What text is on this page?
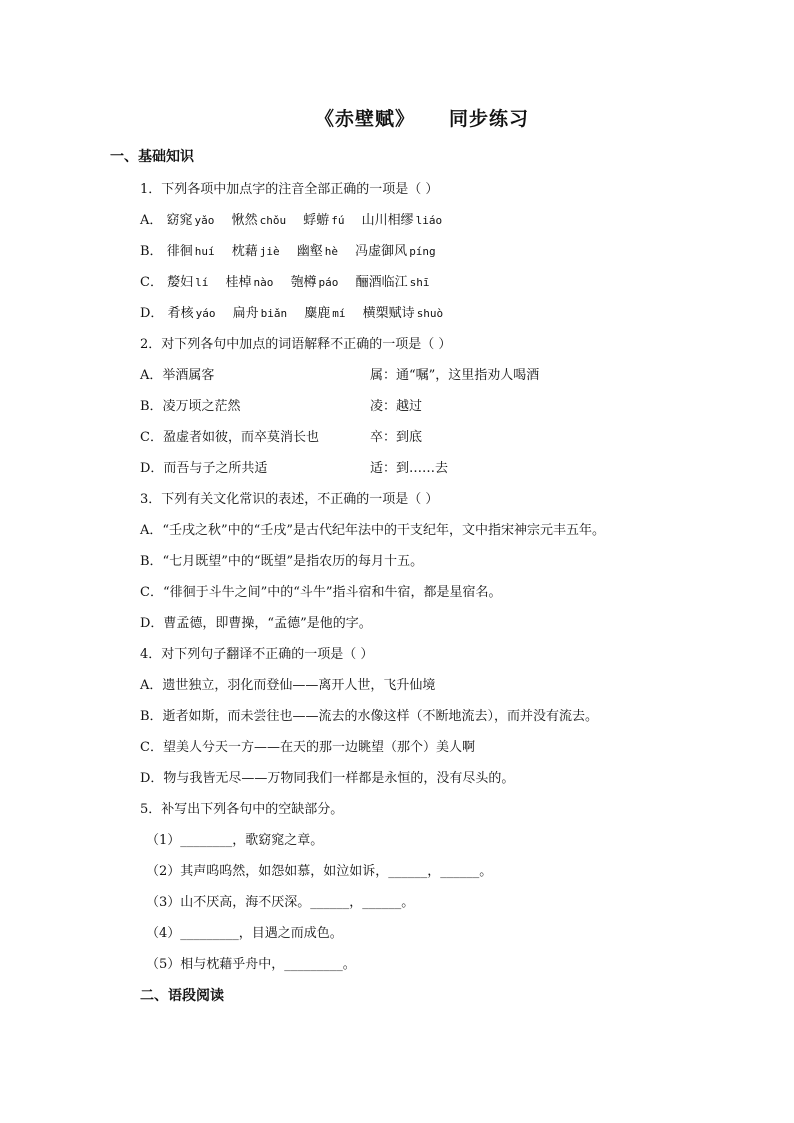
《赤壁赋》 同步练习
一、基础知识
1．下列各项中加点字的注音全部正确的一项是（ ）
A． 窈窕 yǎo 愀然 chǒu 蜉蝣 fú 山川相缪 liáo
B． 徘徊 huí 枕藉 jiè 幽壑 hè 冯虚御风 píng
C． 嫠妇 lí 桂棹 nào 匏樽 páo 酾酒临江 shī
D． 肴核 yáo 扁舟 biǎn 麋鹿 mí 横槊赋诗 shuò
2．对下列各句中加点的词语解释不正确的一项是（ ）
A．举酒属客	属：通“嘱”，这里指劝人喝酒
B．凌万顷之茫然	凌：越过
C．盈虚者如彼，而卒莫消长也	卒：到底
D．而吾与子之所共适	适：到……去
3．下列有关文化常识的表述，不正确的一项是（ ）
A．“壬戌之秋”中的“壬戌”是古代纪年法中的干支纪年，文中指宋神宗元丰五年。
B．“七月既望”中的“既望”是指农历的每月十五。
C．“徘徊于斗牛之间”中的“斗牛”指斗宿和牛宿，都是星宿名。
D．曹孟德，即曹操，“孟德”是他的字。
4．对下列句子翻译不正确的一项是（ ）
A．遗世独立，羽化而登仙——离开人世，飞升仙境
B．逝者如斯，而未尝往也——流去的水像这样（不断地流去），而并没有流去。
C．望美人兮天一方——在天的那一边眺望（那个）美人啊
D．物与我皆无尽——万物同我们一样都是永恒的，没有尽头的。
5．补写出下列各句中的空缺部分。
（1）________，歌窈窕之章。
（2）其声呜呜然，如怨如慕，如泣如诉，______，______。
（3）山不厌高，海不厌深。______，______。
（4）_________，目遇之而成色。
（5）相与枕藉乎舟中，_________。
二、语段阅读
